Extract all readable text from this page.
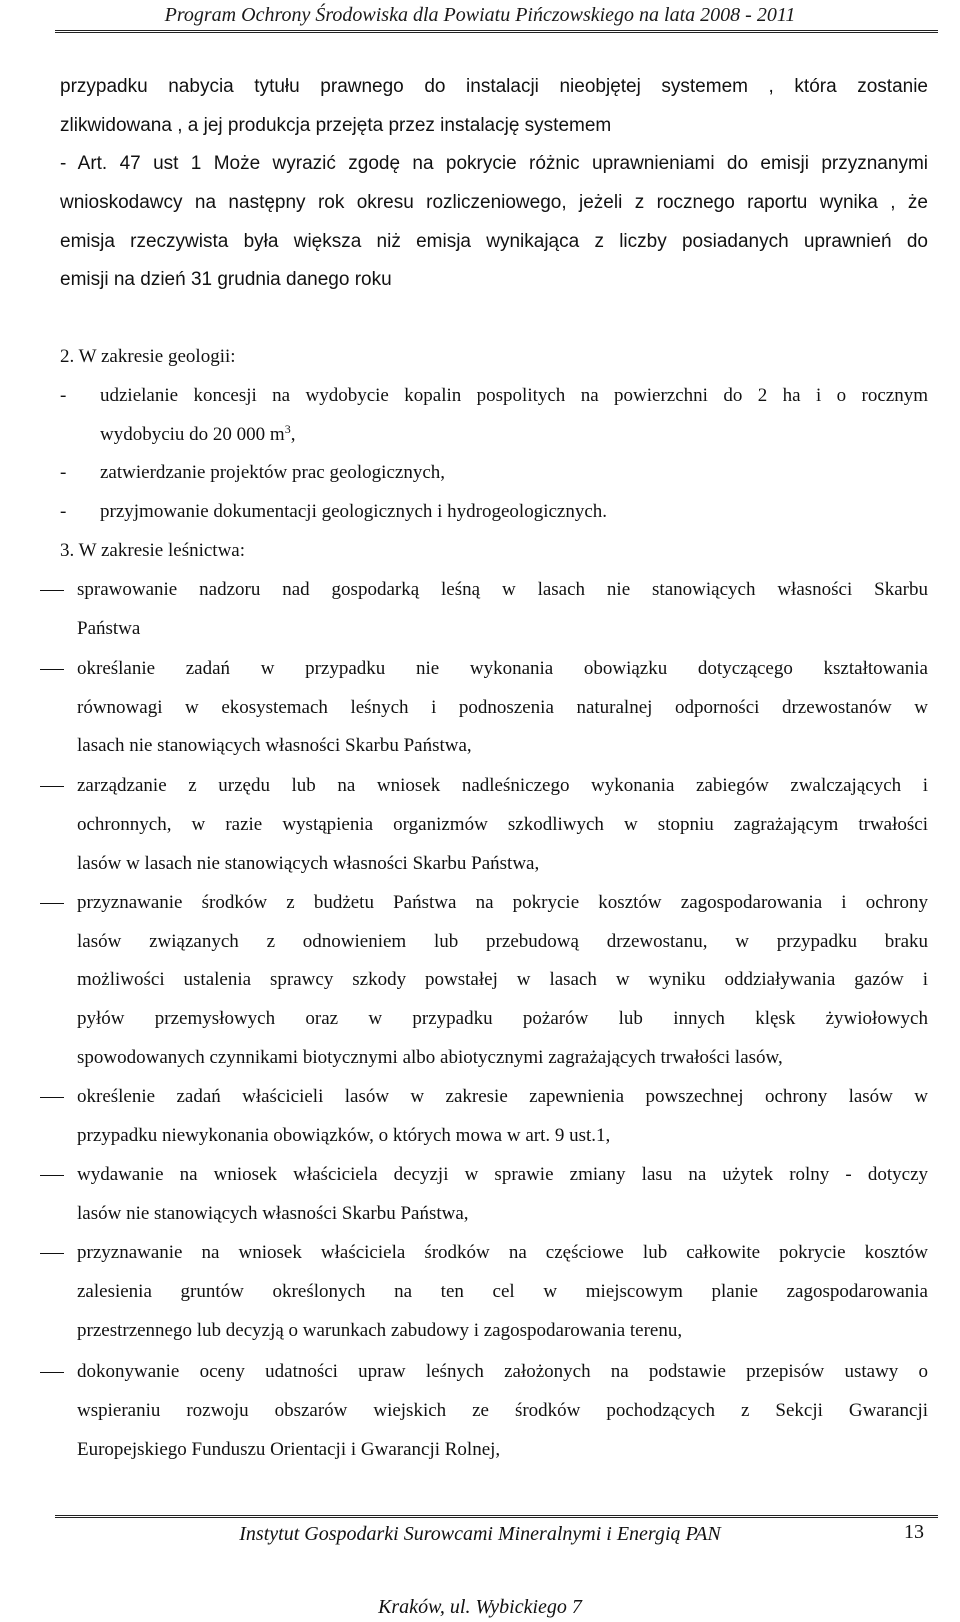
Program Ochrony Środowiska dla Powiatu Pińczowskiego na lata 2008 - 2011
przypadku nabycia tytułu prawnego do instalacji nieobjętej systemem , która zostanie
zlikwidowana , a jej produkcja przejęta przez instalację systemem
- Art. 47 ust 1 Może wyrazić zgodę na pokrycie różnic uprawnieniami do emisji przyznanymi
wnioskodawcy na następny rok okresu rozliczeniowego, jeżeli z rocznego raportu wynika , że
emisja rzeczywista była większa niż emisja wynikająca z liczby posiadanych uprawnień do
emisji na dzień 31 grudnia danego roku
2. W zakresie geologii:
- udzielanie koncesji na wydobycie kopalin pospolitych na powierzchni do 2 ha i o rocznym
wydobyciu do 20 000 $m^3$,
- zatwierdzanie projektów prac geologicznych,
- przyjmowanie dokumentacji geologicznych i hydrogeologicznych.
3. W zakresie leśnictwa:
sprawowanie nadzoru nad gospodarką leśną w lasach nie stanowiących własności Skarbu
Państwa
określanie zadań w przypadku nie wykonania obowiązku dotyczącego kształtowania
równowagi w ekosystemach leśnych i podnoszenia naturalnej odporności drzewostanów w
lasach nie stanowiących własności Skarbu Państwa,
zarządzanie z urzędu lub na wniosek nadleśniczego wykonania zabiegów zwalczających i
ochronnych, w razie wystąpienia organizmów szkodliwych w stopniu zagrażającym trwałości
lasów w lasach nie stanowiących własności Skarbu Państwa,
przyznawanie środków z budżetu Państwa na pokrycie kosztów zagospodarowania i ochrony
lasów związanych z odnowieniem lub przebudową drzewostanu, w przypadku braku
możliwości ustalenia sprawcy szkody powstałej w lasach w wyniku oddziaływania gazów i
pyłów przemysłowych oraz w przypadku pożarów lub innych klęsk żywiołowych
spowodowanych czynnikami biotycznymi albo abiotycznymi zagrażających trwałości lasów,
określenie zadań właścicieli lasów w zakresie zapewnienia powszechnej ochrony lasów w
przypadku niewykonania obowiązków, o których mowa w art. 9 ust.1,
wydawanie na wniosek właściciela decyzji w sprawie zmiany lasu na użytek rolny - dotyczy
lasów nie stanowiących własności Skarbu Państwa,
przyznawanie na wniosek właściciela środków na częściowe lub całkowite pokrycie kosztów
zalesienia gruntów określonych na ten cel w miejscowym planie zagospodarowania
przestrzennego lub decyzją o warunkach zabudowy i zagospodarowania terenu,
dokonywanie oceny udatności upraw leśnych założonych na podstawie przepisów ustawy o
wspieraniu rozwoju obszarów wiejskich ze środków pochodzących z Sekcji Gwarancji
Europejskiego Funduszu Orientacji i Gwarancji Rolnej,
Instytut Gospodarki Surowcami Mineralnymi i Energią PAN
Kraków, ul. Wybickiego 7
13
